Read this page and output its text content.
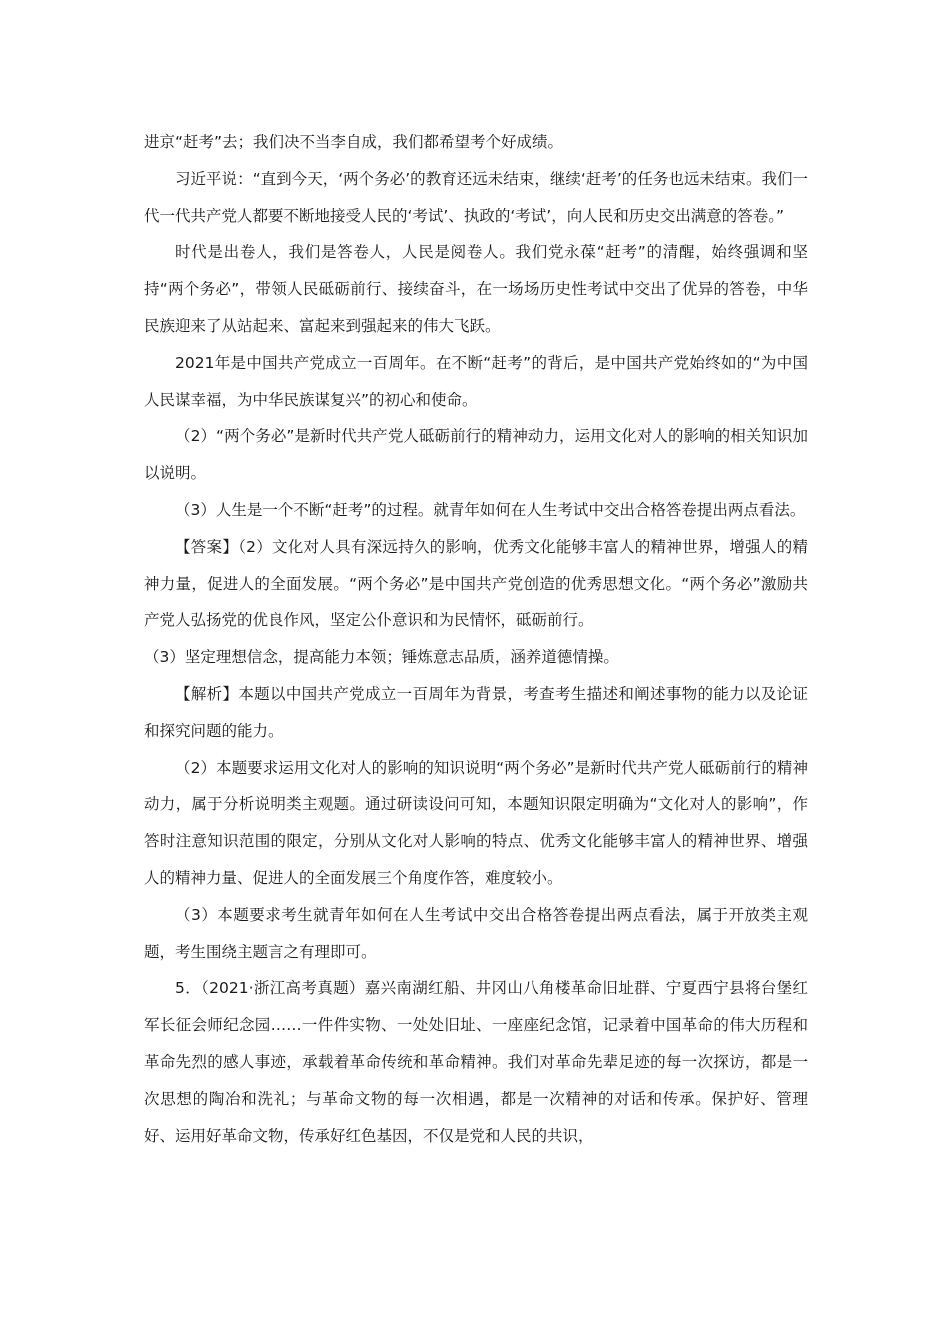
进京“赶考”去；我们决不当李自成，我们都希望考个好成绩。

习近平说：“直到今天，‘两个务必’的教育还远未结束，继续‘赶考’的任务也远未结束。我们一代一代共产党人都要不断地接受人民的‘考试’、执政的‘考试’，向人民和历史交出满意的答卷。”

时代是出卷人，我们是答卷人，人民是阅卷人。我们党永葆“赶考”的清醒，始终强调和坚持“两个务必”，带领人民砥砺前行、接续奋斗，在一场场历史性考试中交出了优异的答卷，中华民族迎来了从站起来、富起来到强起来的伟大飞跃。

2021年是中国共产党成立一百周年。在不断“赶考”的背后，是中国共产党始终如的“为中国人民谋幸福，为中华民族谋复兴”的初心和使命。

（2）“两个务必”是新时代共产党人砥砺前行的精神动力，运用文化对人的影响的相关知识加以说明。

（3）人生是一个不断“赶考”的过程。就青年如何在人生考试中交出合格答卷提出两点看法。

【答案】（2）文化对人具有深远持久的影响，优秀文化能够丰富人的精神世界，增强人的精神力量，促进人的全面发展。“两个务必”是中国共产党创造的优秀思想文化。“两个务必”激励共产党人弘扬党的优良作风，坚定公仆意识和为民情怀，砥砺前行。

（3）坚定理想信念，提高能力本领；锤炼意志品质，涵养道德情操。

【解析】本题以中国共产党成立一百周年为背景，考查考生描述和阐述事物的能力以及论证和探究问题的能力。

（2）本题要求运用文化对人的影响的知识说明“两个务必”是新时代共产党人砥砺前行的精神动力，属于分析说明类主观题。通过研读设问可知，本题知识限定明确为“文化对人的影响”，作答时注意知识范围的限定，分别从文化对人影响的特点、优秀文化能够丰富人的精神世界、增强人的精神力量、促进人的全面发展三个角度作答，难度较小。

（3）本题要求考生就青年如何在人生考试中交出合格答卷提出两点看法，属于开放类主观题，考生围绕主题言之有理即可。

5．（2021·浙江高考真题）嘉兴南湖红船、井冈山八角楼革命旧址群、宁夏西宁县将台堡红军长征会师纪念园……一件件实物、一处处旧址、一座座纪念馆，记录着中国革命的伟大历程和革命先烈的感人事迹，承载着革命传统和革命精神。我们对革命先辈足迹的每一次探访，都是一次思想的陶冶和洗礼；与革命文物的每一次相遇，都是一次精神的对话和传承。保护好、管理好、运用好革命文物，传承好红色基因，不仅是党和人民的共识，
